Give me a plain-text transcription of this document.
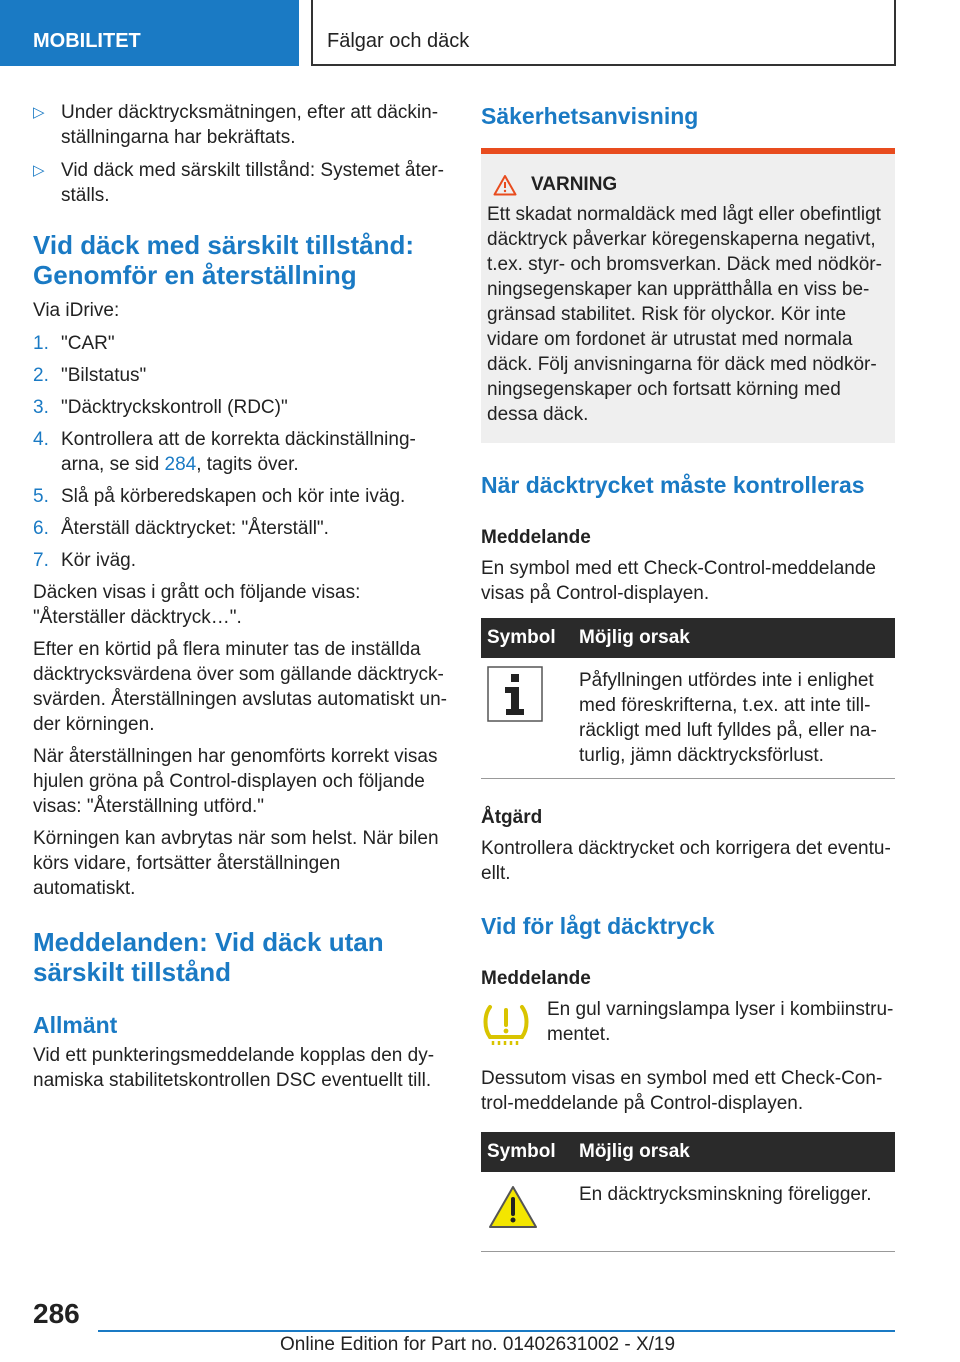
MOBILITET	Fälgar och däck
▷ Under däcktrycksmätningen, efter att däckinställningarna har bekräftats.
▷ Vid däck med särskilt tillstånd: Systemet återställs.
Vid däck med särskilt tillstånd:
Genomför en återställning

Via iDrive:

1. "CAR"
2. "Bilstatus"
3. "Däcktryckskontroll (RDC)"
4. Kontrollera att de korrekta däckinställningarna, se sid 284, tagits över.
5. Slå på körberedskapen och kör inte iväg.
6. Återställ däcktrycket: "Återställ".
7. Kör iväg.

Däcken visas i grått och följande visas: "Återställer däcktryck…".

Efter en körtid på flera minuter tas de inställda däcktrycksvärdena över som gällande däcktrycksvärden. Återställningen avslutas automatiskt under körningen.

När återställningen har genomförts korrekt visas hjulen gröna på Control-displayen och följande visas: "Återställning utförd."

Körningen kan avbrytas när som helst. När bilen körs vidare, fortsätter återställningen automatiskt.

Meddelanden: Vid däck utan
särskilt tillstånd
Allmänt

Vid ett punkteringsmeddelande kopplas den dynamiska stabilitetskontrollen DSC eventuellt till.

Säkerhetsanvisning
VARNING

Ett skadat normaldäck med lågt eller obefintligt däcktryck påverkar köregenskaperna negativt, t.ex. styr- och bromsverkan. Däck med nödkörningsegenskaper kan upprätthålla en viss begränsad stabilitet. Risk för olyckor. Kör inte vidare om fordonet är utrustat med normala däck. Följ anvisningarna för däck med nödkörningsegenskaper och fortsatt körning med dessa däck.

När däcktrycket måste kontrolleras
Meddelande

En symbol med ett Check-Control-meddelande visas på Control-displayen.

Symbol	Möjlig orsak
	Påfyllningen utfördes inte i enlighet med föreskrifterna, t.ex. att inte tillräckligt med luft fylldes på, eller naturlig, jämn däcktrycksförlust.
Åtgärd

Kontrollera däcktrycket och korrigera det eventuellt.

Vid för lågt däcktryck
Meddelande

En gul varningslampa lyser i kombiinstrumentet.

Dessutom visas en symbol med ett Check-Control-meddelande på Control-displayen.

Symbol	Möjlig orsak
	En däcktrycksminskning föreligger.
286
Online Edition for Part no. 01402631002 - X/19
